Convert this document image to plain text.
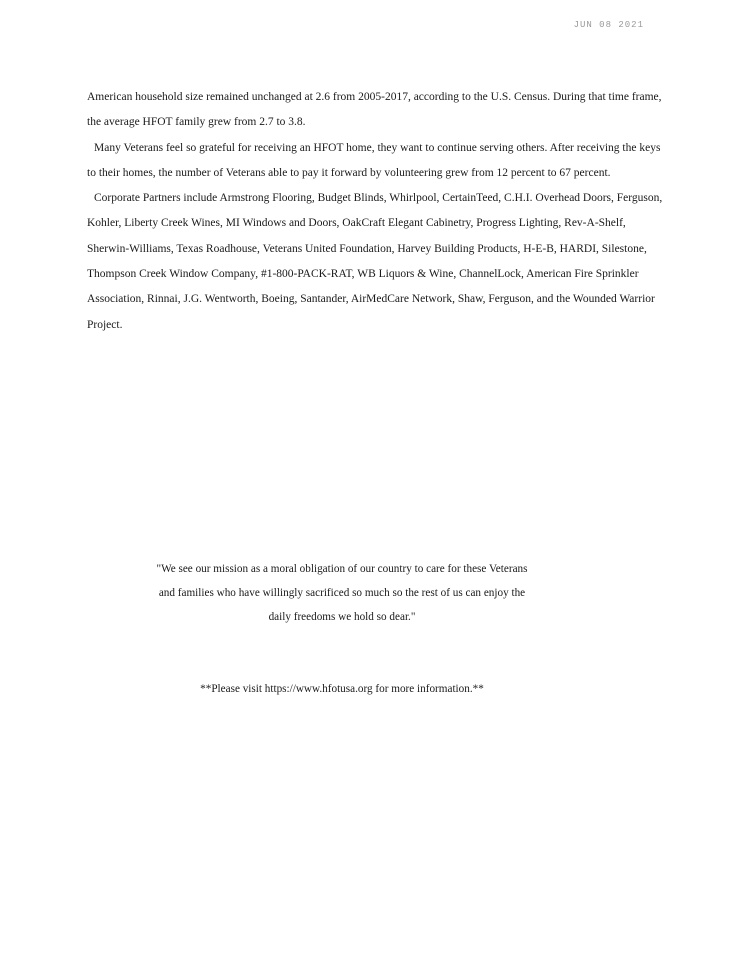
JUN 08 2021

American household size remained unchanged at 2.6 from 2005-2017, according to the U.S. Census. During that time frame, the average HFOT family grew from 2.7 to 3.8.

Many Veterans feel so grateful for receiving an HFOT home, they want to continue serving others. After receiving the keys to their homes, the number of Veterans able to pay it forward by volunteering grew from 12 percent to 67 percent.

Corporate Partners include Armstrong Flooring, Budget Blinds, Whirlpool, CertainTeed, C.H.I. Overhead Doors, Ferguson, Kohler, Liberty Creek Wines, MI Windows and Doors, OakCraft Elegant Cabinetry, Progress Lighting, Rev-A-Shelf, Sherwin-Williams, Texas Roadhouse, Veterans United Foundation, Harvey Building Products, H-E-B, HARDI, Silestone, Thompson Creek Window Company, #1-800-PACK-RAT, WB Liquors & Wine, ChannelLock, American Fire Sprinkler Association, Rinnai, J.G. Wentworth, Boeing, Santander, AirMedCare Network, Shaw, Ferguson, and the Wounded Warrior Project.

"We see our mission as a moral obligation of our country to care for these Veterans

and families who have willingly sacrificed so much so the rest of us can enjoy the

daily freedoms we hold so dear."

**Please visit https://www.hfotusa.org for more information.**
